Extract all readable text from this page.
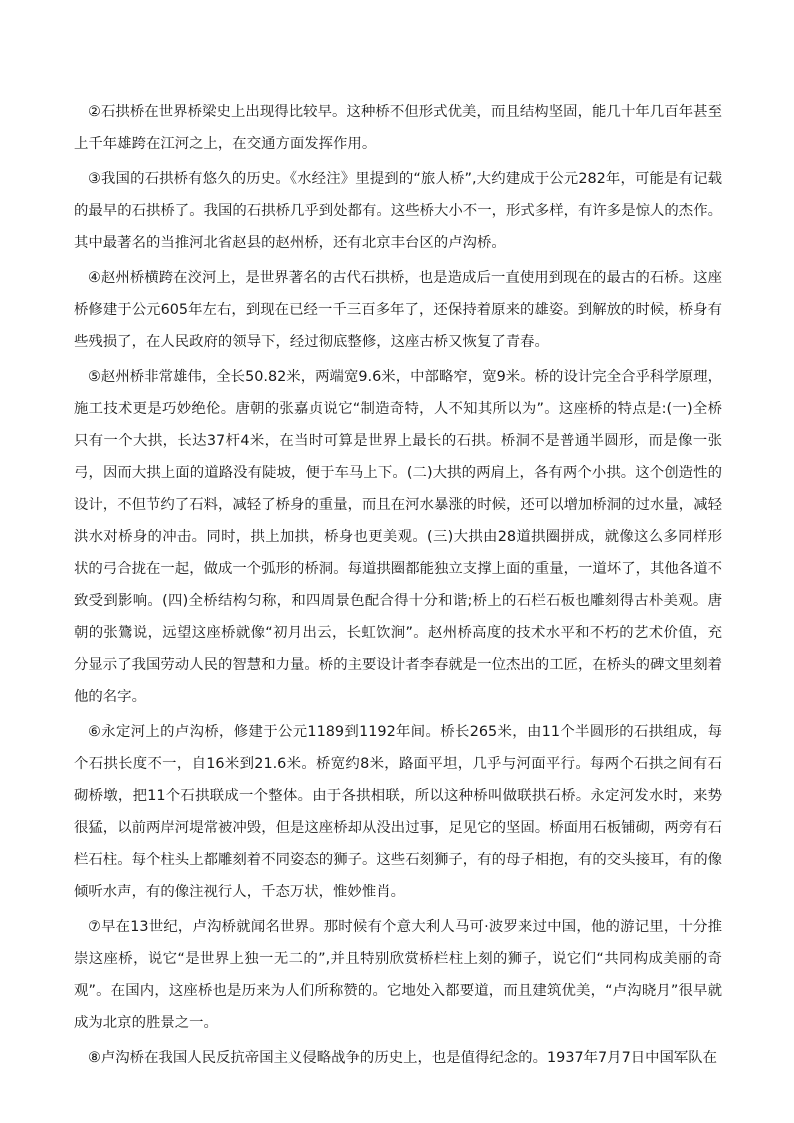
②石拱桥在世界桥梁史上出现得比较早。这种桥不但形式优美，而且结构坚固，能几十年几百年甚至上千年雄跨在江河之上，在交通方面发挥作用。

③我国的石拱桥有悠久的历史。《水经注》里提到的“旅人桥”,大约建成于公元282年，可能是有记载的最早的石拱桥了。我国的石拱桥几乎到处都有。这些桥大小不一，形式多样，有许多是惊人的杰作。其中最著名的当推河北省赵县的赵州桥，还有北京丰台区的卢沟桥。

④赵州桥横跨在洨河上，是世界著名的古代石拱桥，也是造成后一直使用到现在的最古的石桥。这座桥修建于公元605年左右，到现在已经一千三百多年了，还保持着原来的雄姿。到解放的时候，桥身有些残损了，在人民政府的领导下，经过彻底整修，这座古桥又恢复了青春。

⑤赵州桥非常雄伟，全长50.82米，两端宽9.6米，中部略窄，宽9米。桥的设计完全合乎科学原理，施工技术更是巧妙绝伦。唐朝的张嘉贞说它“制造奇特，人不知其所以为”。这座桥的特点是:(一)全桥只有一个大拱，长达37杆4米，在当时可算是世界上最长的石拱。桥洞不是普通半圆形，而是像一张弓，因而大拱上面的道路没有陡坡，便于车马上下。(二)大拱的两肩上，各有两个小拱。这个创造性的设计，不但节约了石料，减轻了桥身的重量，而且在河水暴涨的时候，还可以增加桥洞的过水量，减轻洪水对桥身的冲击。同时，拱上加拱，桥身也更美观。(三)大拱由28道拱圈拼成，就像这么多同样形状的弓合拢在一起，做成一个弧形的桥洞。每道拱圈都能独立支撑上面的重量，一道坏了，其他各道不致受到影响。(四)全桥结构匀称，和四周景色配合得十分和谐;桥上的石栏石板也雕刻得古朴美观。唐朝的张鷟说，远望这座桥就像“初月出云，长虹饮涧”。赵州桥高度的技术水平和不朽的艺术价值，充分显示了我国劳动人民的智慧和力量。桥的主要设计者李春就是一位杰出的工匠，在桥头的碑文里刻着他的名字。

⑥永定河上的卢沟桥，修建于公元1189到1192年间。桥长265米，由11个半圆形的石拱组成，每个石拱长度不一，自16米到21.6米。桥宽约8米，路面平坦，几乎与河面平行。每两个石拱之间有石砌桥墩，把11个石拱联成一个整体。由于各拱相联，所以这种桥叫做联拱石桥。永定河发水时，来势很猛，以前两岸河堤常被冲毁，但是这座桥却从没出过事，足见它的坚固。桥面用石板铺砌，两旁有石栏石柱。每个柱头上都雕刻着不同姿态的狮子。这些石刻狮子，有的母子相抱，有的交头接耳，有的像倾听水声，有的像注视行人，千态万状，惟妙惟肖。

⑦早在13世纪，卢沟桥就闻名世界。那时候有个意大利人马可·波罗来过中国，他的游记里，十分推崇这座桥，说它“是世界上独一无二的”,并且特别欣赏桥栏柱上刻的狮子，说它们“共同构成美丽的奇观”。在国内，这座桥也是历来为人们所称赞的。它地处入都要道，而且建筑优美，“卢沟晓月”很早就成为北京的胜景之一。

⑧卢沟桥在我国人民反抗帝国主义侵略战争的历史上，也是值得纪念的。1937年7月7日中国军队在
